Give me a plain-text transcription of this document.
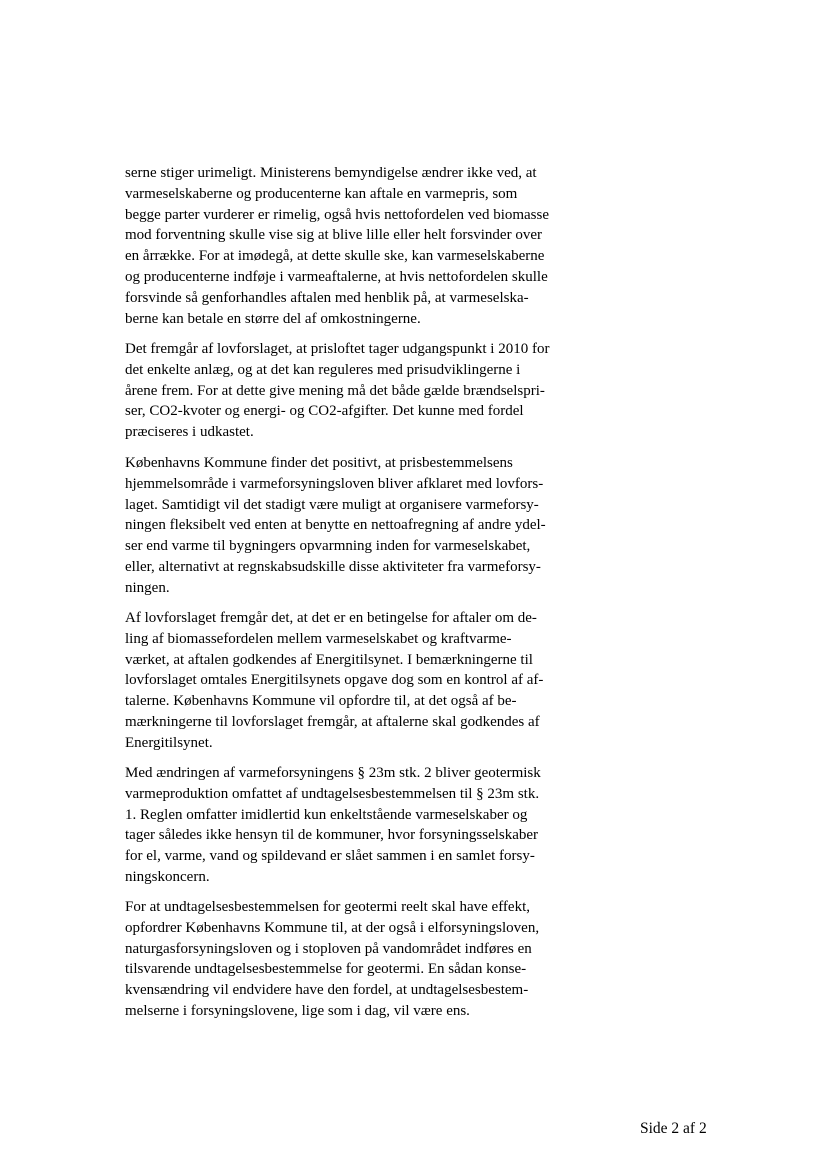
serne stiger urimeligt. Ministerens bemyndigelse ændrer ikke ved, at
varmeselskaberne og producenterne kan aftale en varmepris, som
begge parter vurderer er rimelig, også hvis nettofordelen ved biomasse
mod forventning skulle vise sig at blive lille eller helt forsvinder over
en årrække. For at imødegå, at dette skulle ske, kan varmeselskaberne
og producenterne indføje i varmeaftalerne, at hvis nettofordelen skulle
forsvinde så genforhandles aftalen med henblik på, at varmeselska-
berne kan betale en større del af omkostningerne.
Det fremgår af lovforslaget, at prisloftet tager udgangspunkt i 2010 for
det enkelte anlæg, og at det kan reguleres med prisudviklingerne i
årene frem. For at dette give mening må det både gælde brændselspri-
ser, CO2-kvoter og energi- og CO2-afgifter. Det kunne med fordel
præciseres i udkastet.
Københavns Kommune finder det positivt, at prisbestemmelsens
hjemmelsområde i varmeforsyningsloven bliver afklaret med lovfors-
laget. Samtidigt vil det stadigt være muligt at organisere varmeforsy-
ningen fleksibelt ved enten at benytte en nettoafregning af andre ydel-
ser end varme til bygningers opvarmning inden for varmeselskabet,
eller, alternativt at regnskabsudskille disse aktiviteter fra varmeforsy-
ningen.
Af lovforslaget fremgår det, at det er en betingelse for aftaler om de-
ling af biomassefordelen mellem varmeselskabet og kraftvarme-
værket, at aftalen godkendes af Energitilsynet. I bemærkningerne til
lovforslaget omtales Energitilsynets opgave dog som en kontrol af af-
talerne. Københavns Kommune vil opfordre til, at det også af be-
mærkningerne til lovforslaget fremgår, at aftalerne skal godkendes af
Energitilsynet.
Med ændringen af varmeforsyningens § 23m stk. 2 bliver geotermisk
varmeproduktion omfattet af undtagelsesbestemmelsen til § 23m stk.
1. Reglen omfatter imidlertid kun enkeltstående varmeselskaber og
tager således ikke hensyn til de kommuner, hvor forsyningsselskaber
for el, varme, vand og spildevand er slået sammen i en samlet forsy-
ningskoncern.
For at undtagelsesbestemmelsen for geotermi reelt skal have effekt,
opfordrer Københavns Kommune til, at der også i elforsyningsloven,
naturgasforsyningsloven og i stoploven på vandområdet indføres en
tilsvarende undtagelsesbestemmelse for geotermi. En sådan konse-
kvensændring vil endvidere have den fordel, at undtagelsesbestem-
melserne i forsyningslovene, lige som i dag, vil være ens.
Side 2 af 2
